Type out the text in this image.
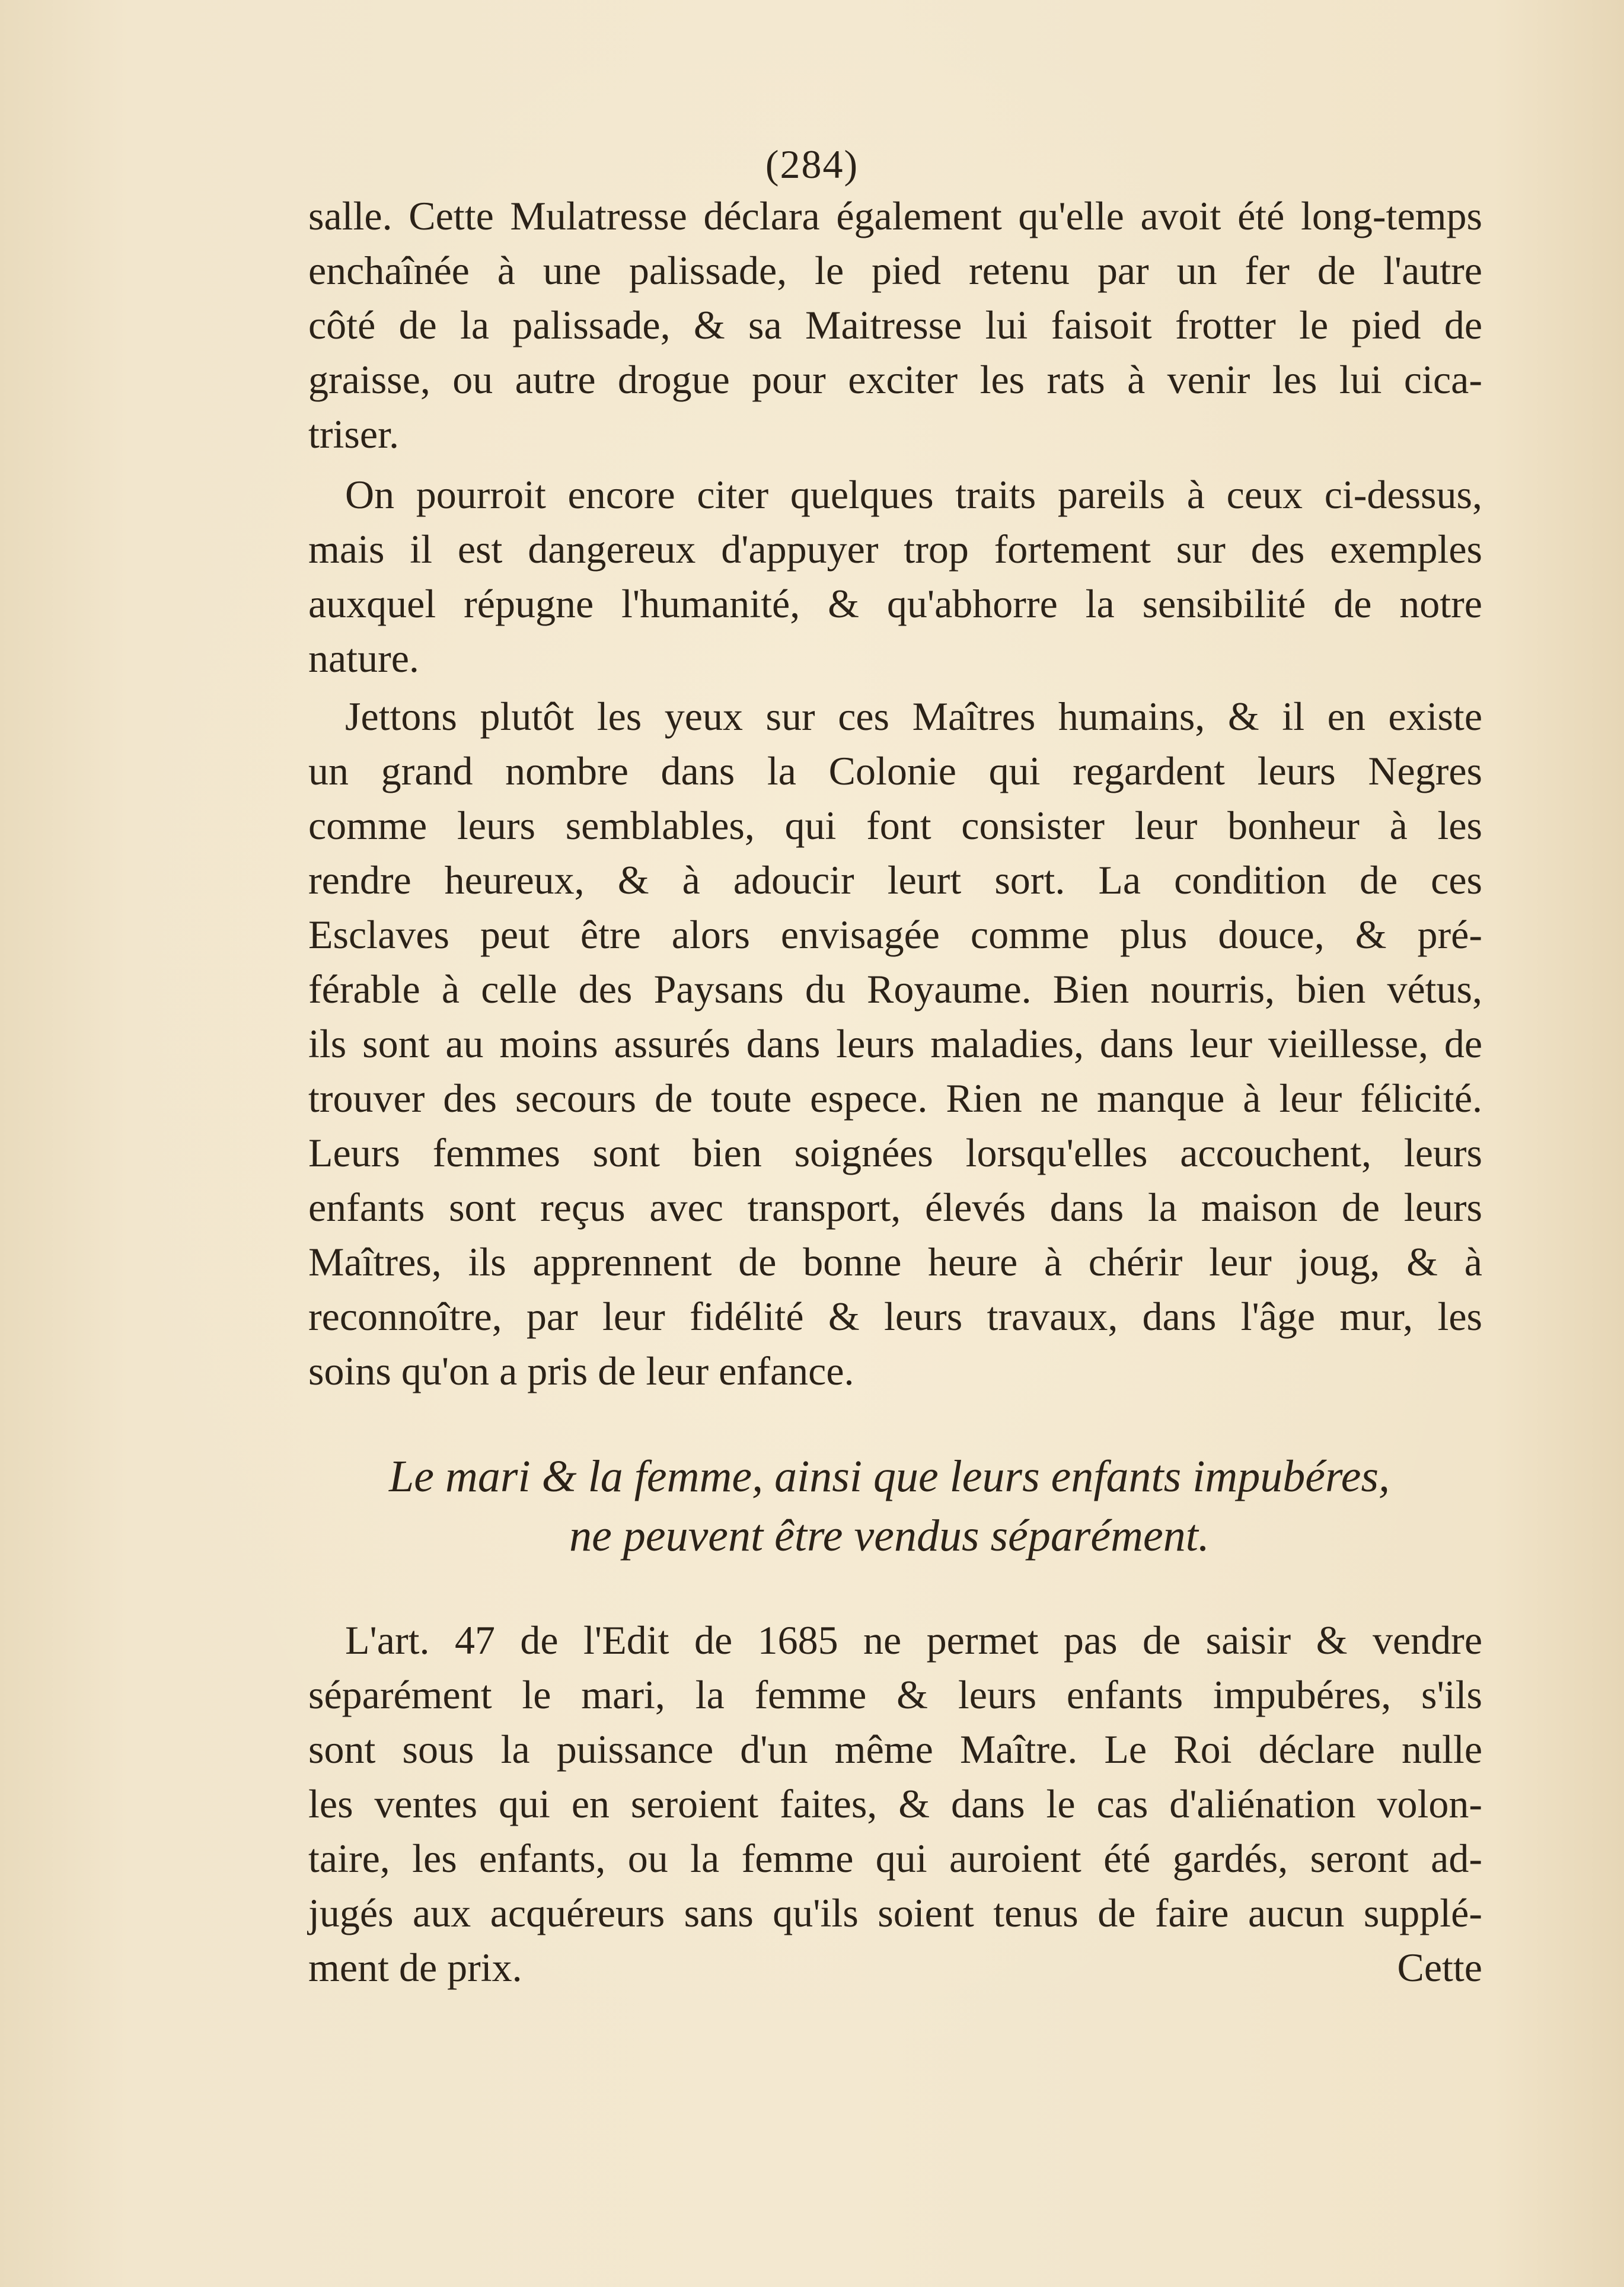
(284)
salle. Cette Mulatresse déclara également qu'elle avoit été long-temps
enchaînée à une palissade, le pied retenu par un fer de l'autre
côté de la palissade, & sa Maitresse lui faisoit frotter le pied de
graisse, ou autre drogue pour exciter les rats à venir les lui cica-
triser.
On pourroit encore citer quelques traits pareils à ceux ci-dessus,
mais il est dangereux d'appuyer trop fortement sur des exemples
auxquel répugne l'humanité, & qu'abhorre la sensibilité de notre
nature.
Jettons plutôt les yeux sur ces Maîtres humains, & il en existe
un grand nombre dans la Colonie qui regardent leurs Negres
comme leurs semblables, qui font consister leur bonheur à les
rendre heureux, & à adoucir leurt sort. La condition de ces
Esclaves peut être alors envisagée comme plus douce, & pré-
férable à celle des Paysans du Royaume. Bien nourris, bien vétus,
ils sont au moins assurés dans leurs maladies, dans leur vieillesse, de
trouver des secours de toute espece. Rien ne manque à leur félicité.
Leurs femmes sont bien soignées lorsqu'elles accouchent, leurs
enfants sont reçus avec transport, élevés dans la maison de leurs
Maîtres, ils apprennent de bonne heure à chérir leur joug, & à
reconnoître, par leur fidélité & leurs travaux, dans l'âge mur, les
soins qu'on a pris de leur enfance.
Le mari & la femme, ainsi que leurs enfants impubéres,
ne peuvent être vendus séparément.
L'art. 47 de l'Edit de 1685 ne permet pas de saisir & vendre
séparément le mari, la femme & leurs enfants impubéres, s'ils
sont sous la puissance d'un même Maître. Le Roi déclare nulle
les ventes qui en seroient faites, & dans le cas d'aliénation volon-
taire, les enfants, ou la femme qui auroient été gardés, seront ad-
jugés aux acquéreurs sans qu'ils soient tenus de faire aucun supplé-
ment de prix.	Cette
